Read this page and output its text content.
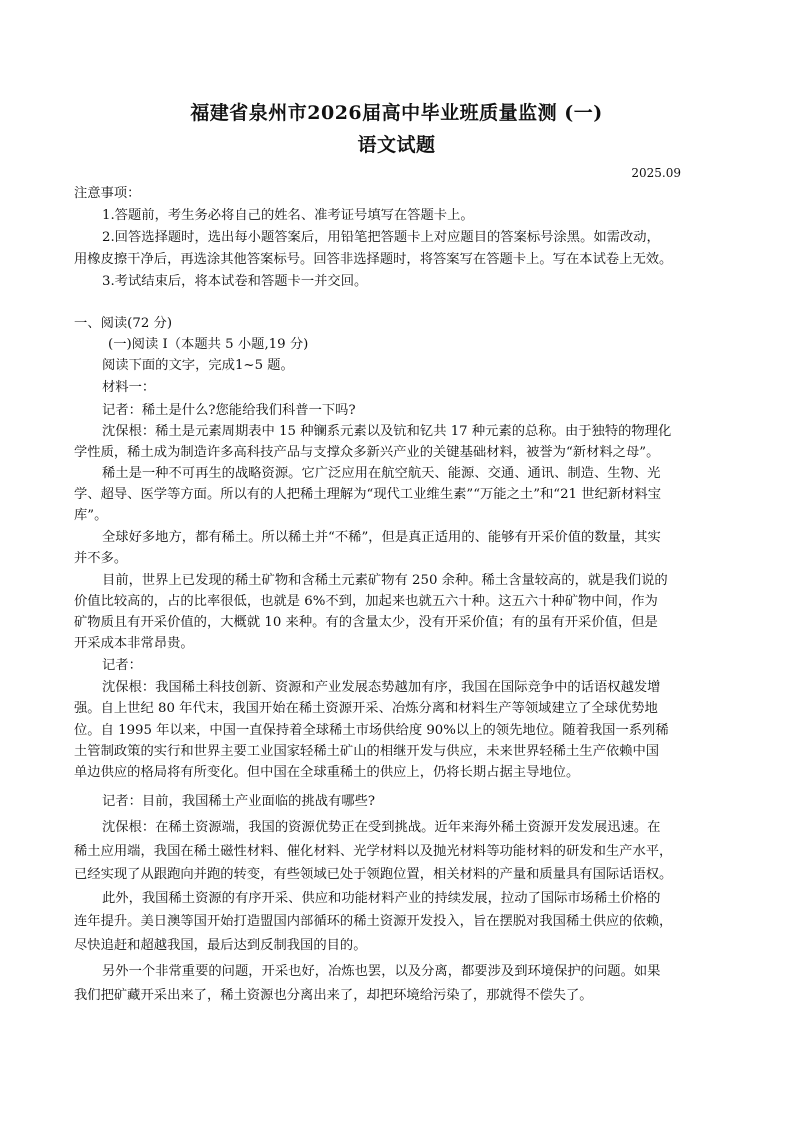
福建省泉州市2026届高中毕业班质量监测 (一)
语文试题
2025.09
注意事项：
1.答题前，考生务必将自己的姓名、准考证号填写在答题卡上。
2.回答选择题时，选出每小题答案后，用铅笔把答题卡上对应题目的答案标号涂黑。如需改动，
用橡皮擦干净后，再选涂其他答案标号。回答非选择题时，将答案写在答题卡上。写在本试卷上无效。
3.考试结束后，将本试卷和答题卡一并交回。
一、阅读(72 分)
(一)阅读 I（本题共 5 小题,19 分)
阅读下面的文字，完成1~5 题。
材料一：
记者：稀土是什么?您能给我们科普一下吗?
沈保根：稀土是元素周期表中 15 种镧系元素以及钪和钇共 17 种元素的总称。由于独特的物理化
学性质，稀土成为制造许多高科技产品与支撑众多新兴产业的关键基础材料，被誉为“新材料之母”。
稀土是一种不可再生的战略资源。它广泛应用在航空航天、能源、交通、通讯、制造、生物、光
学、超导、医学等方面。所以有的人把稀土理解为“现代工业维生素”“万能之土”和“21 世纪新材料宝
库”。
全球好多地方，都有稀土。所以稀土并“不稀”，但是真正适用的、能够有开采价值的数量，其实
并不多。
目前，世界上已发现的稀土矿物和含稀土元素矿物有 250 余种。稀土含量较高的，就是我们说的
价值比较高的，占的比率很低，也就是 6%不到，加起来也就五六十种。这五六十种矿物中间，作为
矿物质且有开采价值的，大概就 10 来种。有的含量太少，没有开采价值；有的虽有开采价值，但是
开采成本非常昂贵。
记者：
沈保根：我国稀土科技创新、资源和产业发展态势越加有序，我国在国际竞争中的话语权越发增
强。自上世纪 80 年代末，我国开始在稀土资源开采、冶炼分离和材料生产等领域建立了全球优势地
位。自 1995 年以来，中国一直保持着全球稀土市场供给度 90%以上的领先地位。随着我国一系列稀
土管制政策的实行和世界主要工业国家轻稀土矿山的相继开发与供应，未来世界轻稀土生产依赖中国
单边供应的格局将有所变化。但中国在全球重稀土的供应上，仍将长期占据主导地位。
记者：目前，我国稀土产业面临的挑战有哪些?
沈保根：在稀土资源端，我国的资源优势正在受到挑战。近年来海外稀土资源开发发展迅速。在
稀土应用端，我国在稀土磁性材料、催化材料、光学材料以及抛光材料等功能材料的研发和生产水平，
已经实现了从跟跑向并跑的转变，有些领域已处于领跑位置，相关材料的产量和质量具有国际话语权。
此外，我国稀土资源的有序开采、供应和功能材料产业的持续发展，拉动了国际市场稀土价格的
连年提升。美日澳等国开始打造盟国内部循环的稀土资源开发投入，旨在摆脱对我国稀土供应的依赖，
尽快追赶和超越我国，最后达到反制我国的目的。
另外一个非常重要的问题，开采也好，冶炼也罢，以及分离，都要涉及到环境保护的问题。如果
我们把矿藏开采出来了，稀土资源也分离出来了，却把环境给污染了，那就得不偿失了。
